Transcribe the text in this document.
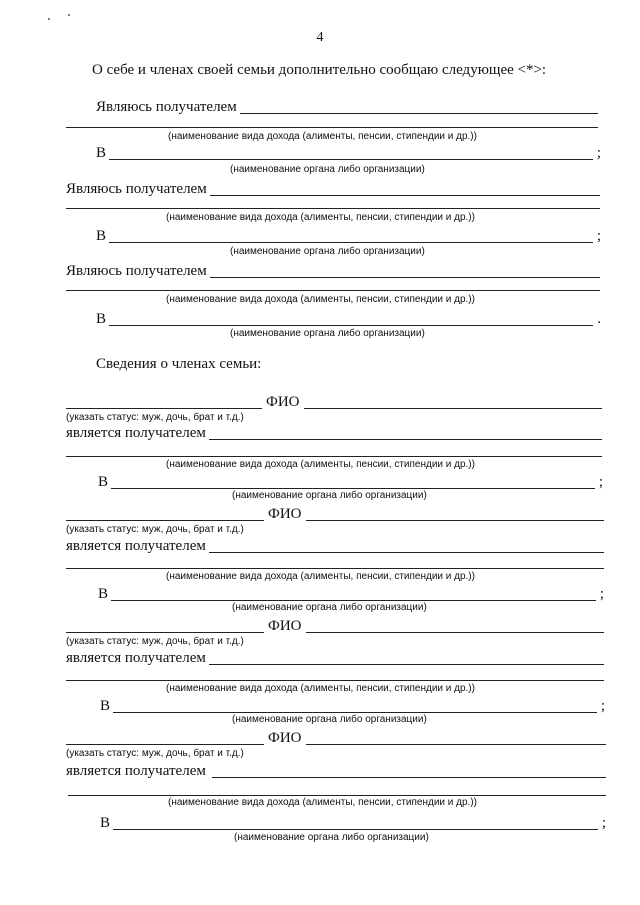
4
О себе и членах своей семьи дополнительно сообщаю следующее <*>:
Являюсь получателем
(наименование вида дохода (алименты, пенсии, стипендии и др.))
В	;
(наименование органа либо организации)
Являюсь получателем
(наименование вида дохода (алименты, пенсии, стипендии и др.))
В	;
(наименование органа либо организации)
Являюсь получателем
(наименование вида дохода (алименты, пенсии, стипендии и др.))
В	.
(наименование органа либо организации)
Сведения о членах семьи:
ФИО
(указать статус: муж, дочь, брат и т.д.)
является получателем
(наименование вида дохода (алименты, пенсии, стипендии и др.))
В	;
(наименование органа либо организации)
ФИО
(указать статус: муж, дочь, брат и т.д.)
является получателем
(наименование вида дохода (алименты, пенсии, стипендии и др.))
В	;
(наименование органа либо организации)
ФИО
(указать статус: муж, дочь, брат и т.д.)
является получателем
(наименование вида дохода (алименты, пенсии, стипендии и др.))
В	;
(наименование органа либо организации)
ФИО
(указать статус: муж, дочь, брат и т.д.)
является получателем
(наименование вида дохода (алименты, пенсии, стипендии и др.))
В	;
(наименование органа либо организации)
